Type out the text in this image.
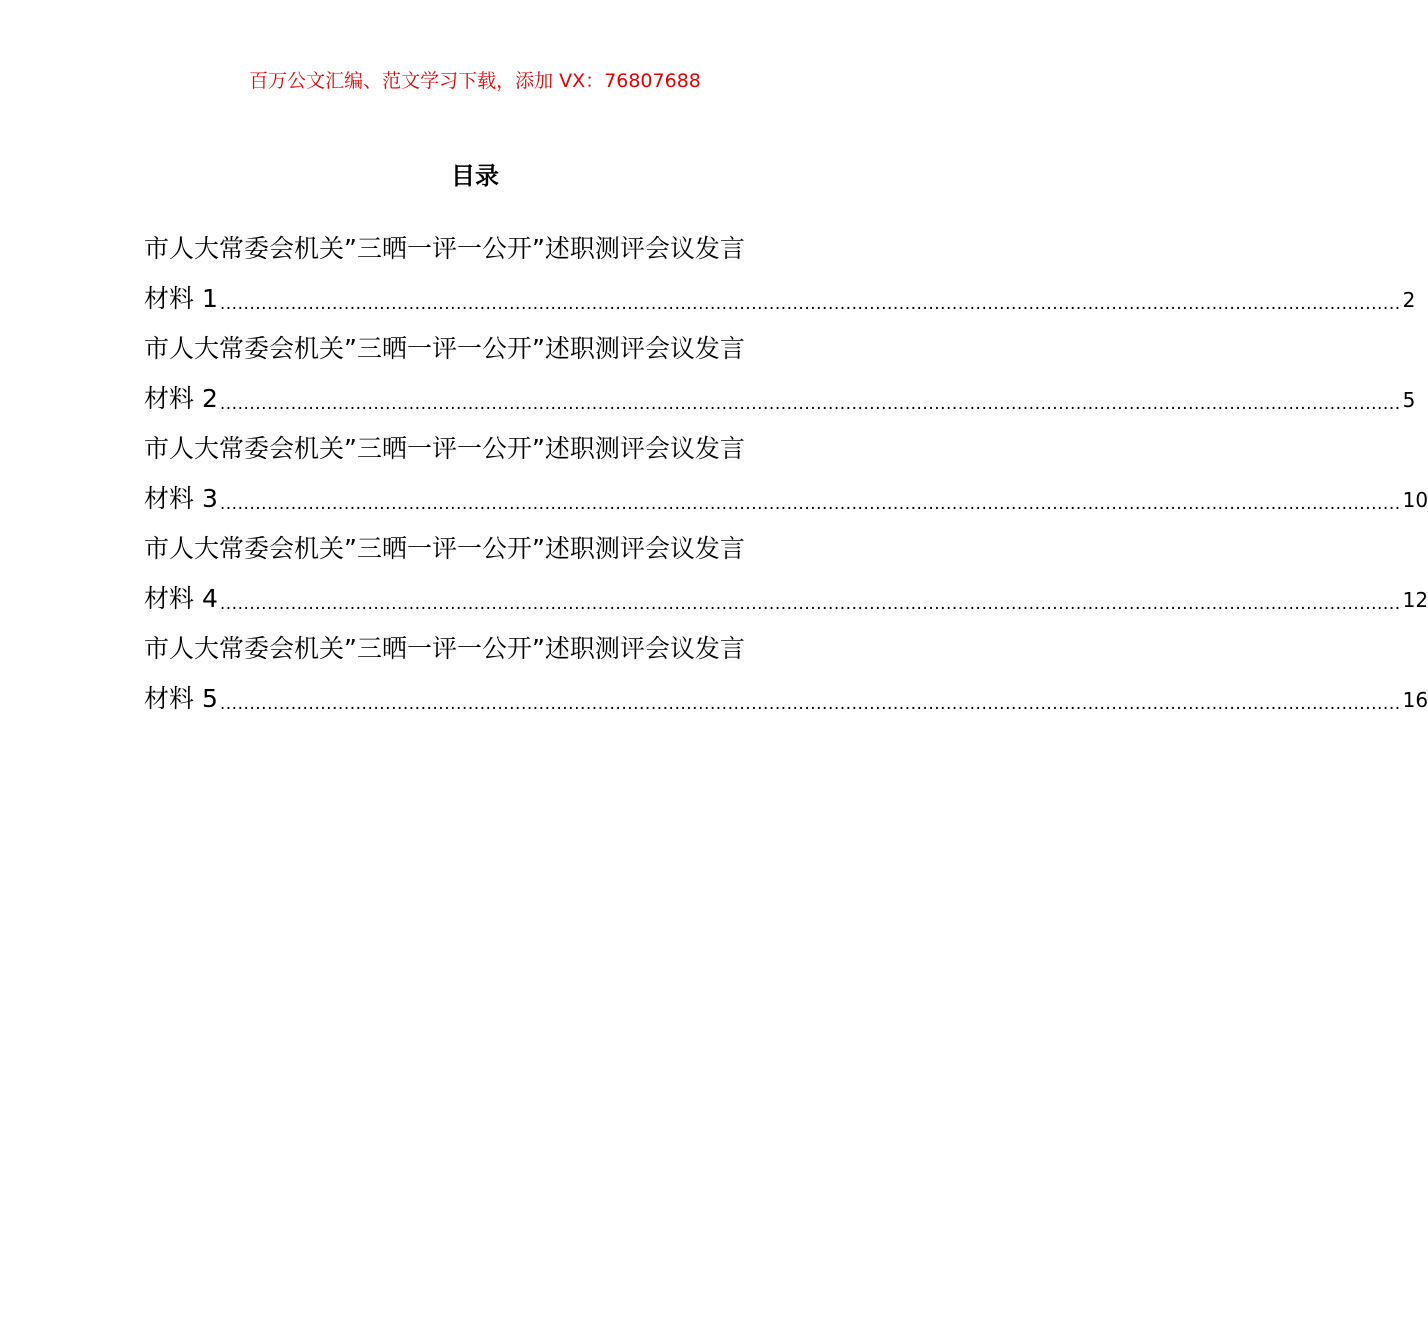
百万公文汇编、范文学习下载，添加 VX：76807688
目录
市人大常委会机关”三晒一评一公开”述职测评会议发言
材料 1 ........................................................................................................................................................................................................ 2
市人大常委会机关”三晒一评一公开”述职测评会议发言
材料 2 ........................................................................................................................................................................................................ 5
市人大常委会机关”三晒一评一公开”述职测评会议发言
材料 3 ........................................................................................................................................................................................................ 10
市人大常委会机关”三晒一评一公开”述职测评会议发言
材料 4 ........................................................................................................................................................................................................ 12
市人大常委会机关”三晒一评一公开”述职测评会议发言
材料 5 ........................................................................................................................................................................................................ 16
